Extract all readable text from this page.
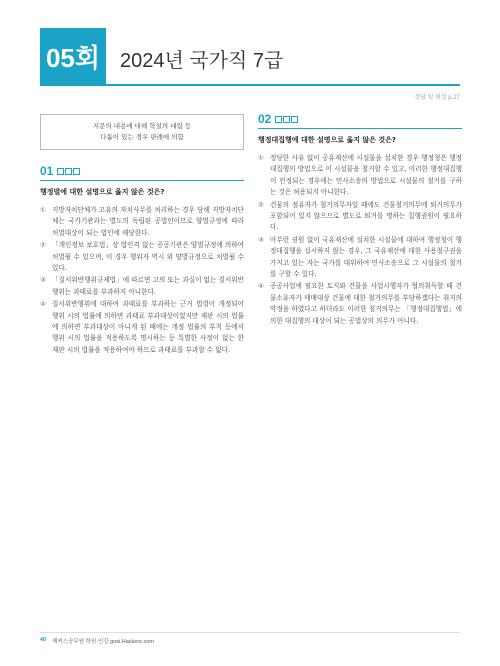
05회 2024년 국가직 7급
정답 및 해설 p.27
지문의 내용에 대해 학설의 대립 등
다툼이 있는 경우 판례에 의함
01
행정벌에 대한 설명으로 옳지 않은 것은?
① 지방자치단체가 고유의 자치사무를 처리하는 경우 당해 지방자치단체는 국가기관과는 별도의 독립된 공법인이므로 양벌규정에 따라 처벌대상이 되는 법인에 해당한다.
② 「개인정보 보호법」상 법인격 없는 공공기관은 양벌규정에 의하여 처벌될 수 있으며, 이 경우 행위자 역시 위 양벌규정으로 처벌될 수 있다.
③ 「질서위반행위규제법」에 따르면 고의 또는 과실이 없는 질서위반행위는 과태료를 부과하지 아니한다.
④ 질서위반행위에 대하여 과태료를 부과하는 근거 법령이 개정되어 행위 시의 법률에 의하면 과태료 부과대상이었지만 재판 시의 법률에 의하면 부과대상이 아니게 된 때에는 개정 법률의 부칙 등에서 행위 시의 법률을 적용하도록 명시하는 등 특별한 사정이 없는 한 재판 시의 법률을 적용하여야 하므로 과태료를 부과할 수 없다.
02
행정대집행에 대한 설명으로 옳지 않은 것은?
① 정당한 사유 없이 공유재산에 시설물을 설치한 경우 행정청은 행정대집행의 방법으로 이 시설물을 철거할 수 있고, 이러한 행정대집행이 인정되는 경우에는 민사소송의 방법으로 시설물의 철거를 구하는 것은 허용되지 아니한다.
② 건물의 점유자가 철거의무자일 때에도 건물철거의무에 퇴거의무가 포함되어 있지 않으므로 별도로 퇴거를 명하는 집행권원이 필요하다.
③ 아무런 권원 없이 국유재산에 설치한 시설물에 대하여 행정청이 행정대집행을 실시하지 않는 경우, 그 국유재산에 대한 사용청구권을 가지고 있는 자는 국가를 대위하여 민사소송으로 그 시설물의 철거를 구할 수 있다.
④ 공공사업에 필요한 토지와 건물을 사업시행자가 협의취득할 때 건물소유자가 매매대상 건물에 대한 철거의무를 부담하겠다는 취지의 약정을 하였다고 하더라도 이러한 철거의무는 「행정대집행법」에 의한 대집행의 대상이 되는 공법상의 의무가 아니다.
40 해커스공무원 학원·인강 gosi.Hackers.com
